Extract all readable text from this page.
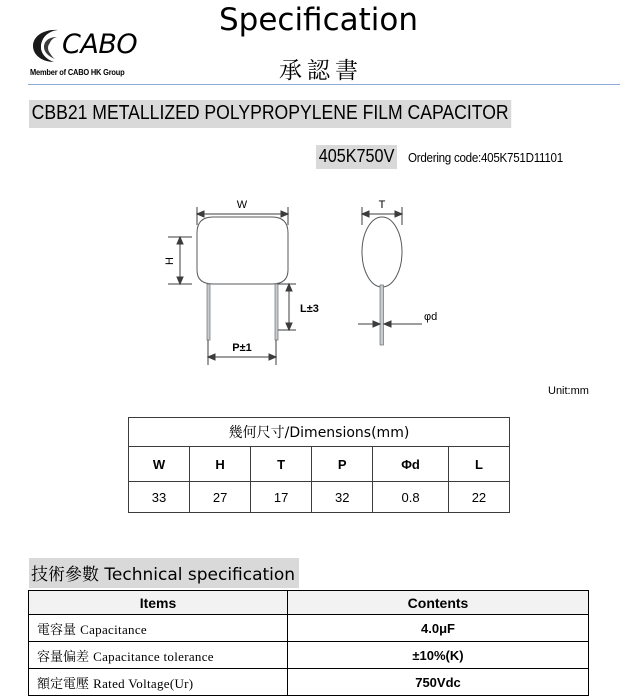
Specification
承認書
CABO
Member of CABO HK Group
CBB21 METALLIZED POLYPROPYLENE FILM CAPACITOR
405K750V Ordering code:405K751D11101
W	T
H
P±1
L±3
φd
Unit:mm
幾何尺寸/Dimensions(mm)					
W	H	T	P	Φd	L
33	27	17	32	0.8	22
技術參數 Technical specification
Items	Contents
電容量 Capacitance	4.0μF
容量偏差 Capacitance tolerance	±10%(K)
額定電壓 Rated Voltage(Ur)	750Vdc
